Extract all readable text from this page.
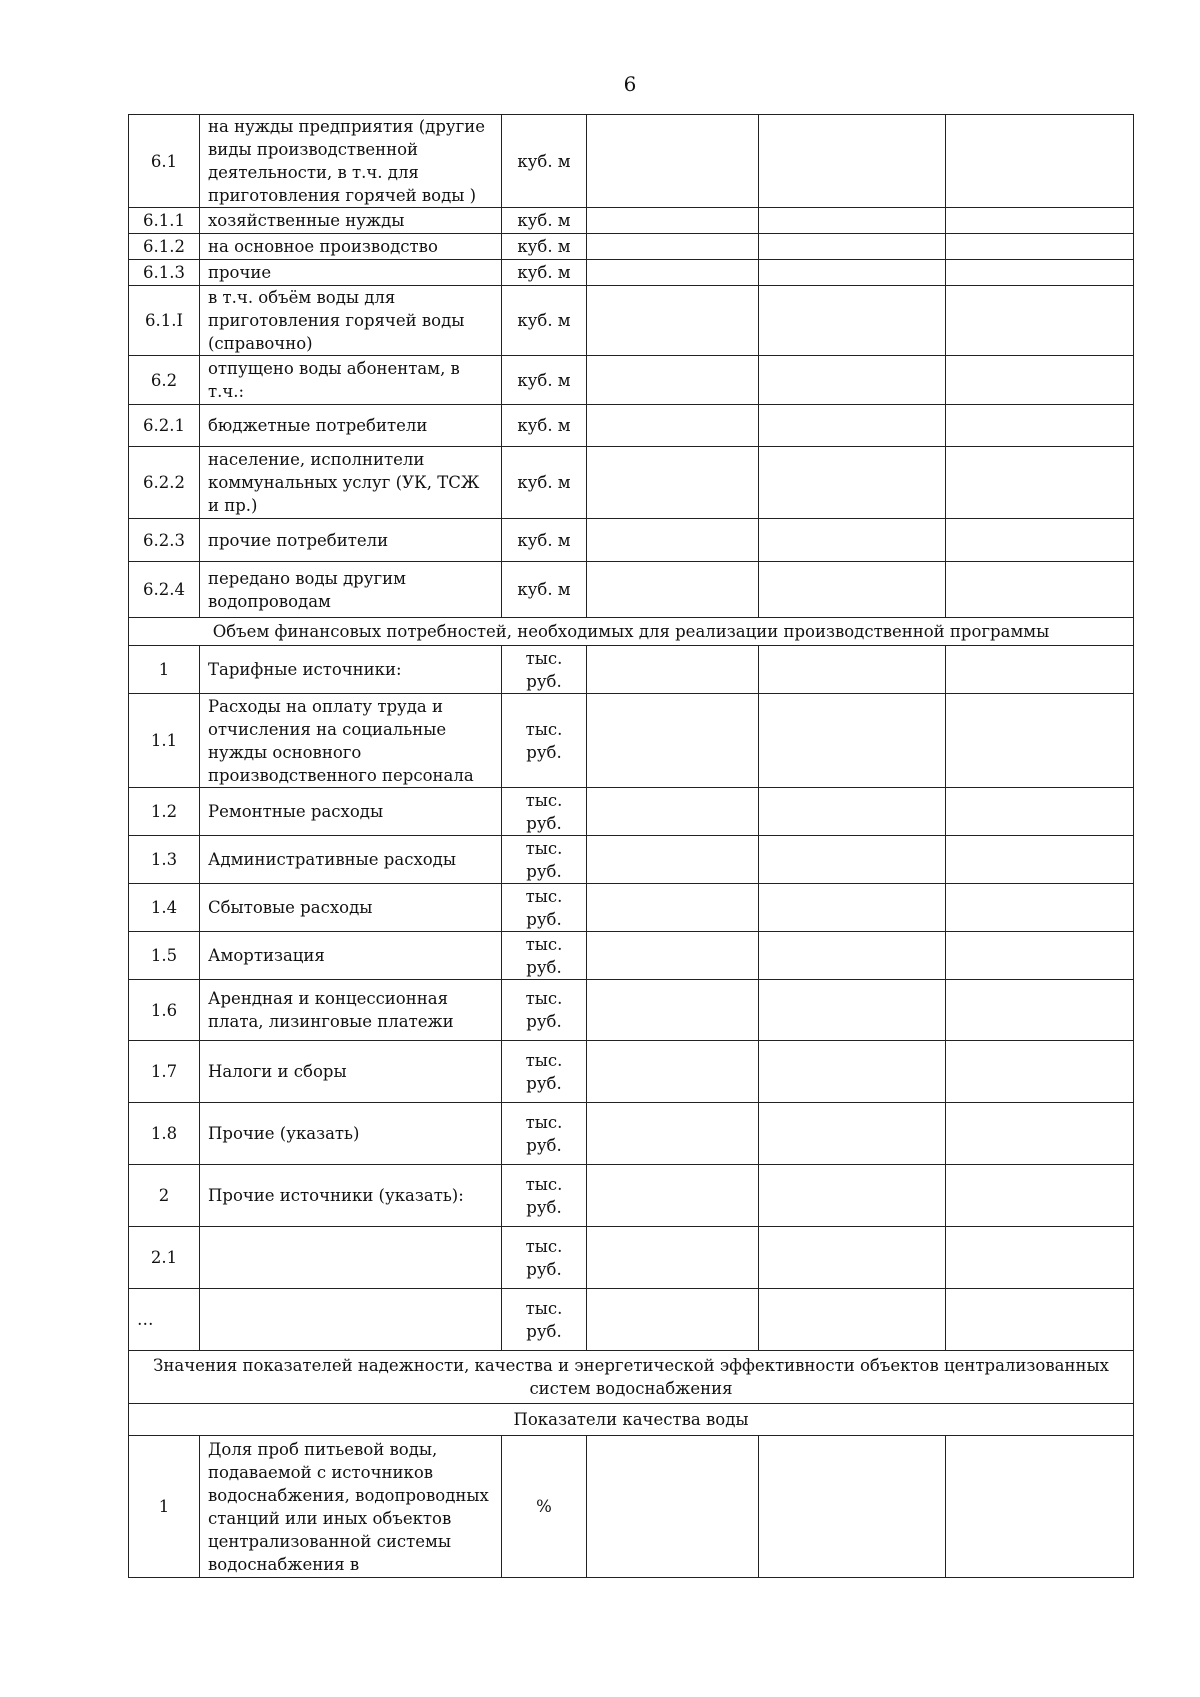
6
6.1	на нужды предприятия (другие виды производственной деятельности, в т.ч. для приготовления горячей воды )	куб. м			
6.1.1	хозяйственные нужды	куб. м			
6.1.2	на основное производство	куб. м			
6.1.3	прочие	куб. м			
6.1.I	в т.ч. объём воды для приготовления горячей воды (справочно)	куб. м			
6.2	отпущено воды абонентам, в т.ч.:	куб. м			
6.2.1	бюджетные потребители	куб. м			
6.2.2	население, исполнители коммунальных услуг (УК, ТСЖ и пр.)	куб. м			
6.2.3	прочие потребители	куб. м			
6.2.4	передано воды другим водопроводам	куб. м			
Объем финансовых потребностей, необходимых для реализации производственной программы					
1	Тарифные источники:	тыс. руб.			
1.1	Расходы на оплату труда и отчисления на социальные нужды основного производственного персонала	тыс. руб.			
1.2	Ремонтные расходы	тыс. руб.			
1.3	Административные расходы	тыс. руб.			
1.4	Сбытовые расходы	тыс. руб.			
1.5	Амортизация	тыс. руб.			
1.6	Арендная и концессионная плата, лизинговые платежи	тыс. руб.			
1.7	Налоги и сборы	тыс. руб.			
1.8	Прочие (указать)	тыс. руб.			
2	Прочие источники (указать):	тыс. руб.			
2.1		тыс. руб.			
…		тыс. руб.			
Значения показателей надежности, качества и энергетической эффективности объектов централизованных систем водоснабжения					
Показатели качества воды					
1	Доля проб питьевой воды, подаваемой с источников водоснабжения, водопроводных станций или иных объектов централизованной системы водоснабжения в	%			
